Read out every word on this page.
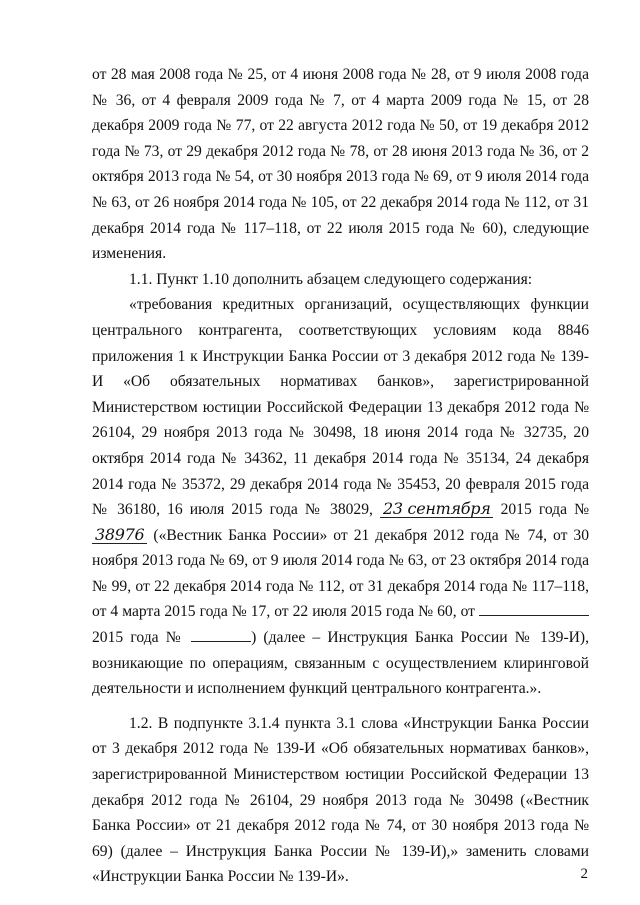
от 28 мая 2008 года № 25, от 4 июня 2008 года № 28, от 9 июля 2008 года № 36, от 4 февраля 2009 года № 7, от 4 марта 2009 года № 15, от 28 декабря 2009 года № 77, от 22 августа 2012 года № 50, от 19 декабря 2012 года № 73, от 29 декабря 2012 года № 78, от 28 июня 2013 года № 36, от 2 октября 2013 года № 54, от 30 ноября 2013 года № 69, от 9 июля 2014 года № 63, от 26 ноября 2014 года № 105, от 22 декабря 2014 года № 112, от 31 декабря 2014 года № 117–118, от 22 июля 2015 года № 60), следующие изменения.

1.1. Пункт 1.10 дополнить абзацем следующего содержания:

«требования кредитных организаций, осуществляющих функции центрального контрагента, соответствующих условиям кода 8846 приложения 1 к Инструкции Банка России от 3 декабря 2012 года № 139-И «Об обязательных нормативах банков», зарегистрированной Министерством юстиции Российской Федерации 13 декабря 2012 года № 26104, 29 ноября 2013 года № 30498, 18 июня 2014 года № 32735, 20 октября 2014 года № 34362, 11 декабря 2014 года № 35134, 24 декабря 2014 года № 35372, 29 декабря 2014 года № 35453, 20 февраля 2015 года № 36180, 16 июля 2015 года № 38029, 23 сентября 2015 года № 38976 («Вестник Банка России» от 21 декабря 2012 года № 74, от 30 ноября 2013 года № 69, от 9 июля 2014 года № 63, от 23 октября 2014 года № 99, от 22 декабря 2014 года № 112, от 31 декабря 2014 года № 117–118, от 4 марта 2015 года № 17, от 22 июля 2015 года № 60, от  2015 года №	) (далее – Инструкция Банка России № 139-И), возникающие по операциям, связанным с осуществлением клиринговой деятельности и исполнением функций центрального контрагента.».

1.2. В подпункте 3.1.4 пункта 3.1 слова «Инструкции Банка России от 3 декабря 2012 года № 139-И «Об обязательных нормативах банков», зарегистрированной Министерством юстиции Российской Федерации 13 декабря 2012 года № 26104, 29 ноября 2013 года № 30498 («Вестник Банка России» от 21 декабря 2012 года № 74, от 30 ноября 2013 года № 69) (далее – Инструкция Банка России № 139-И),» заменить словами «Инструкции Банка России № 139-И».	2
